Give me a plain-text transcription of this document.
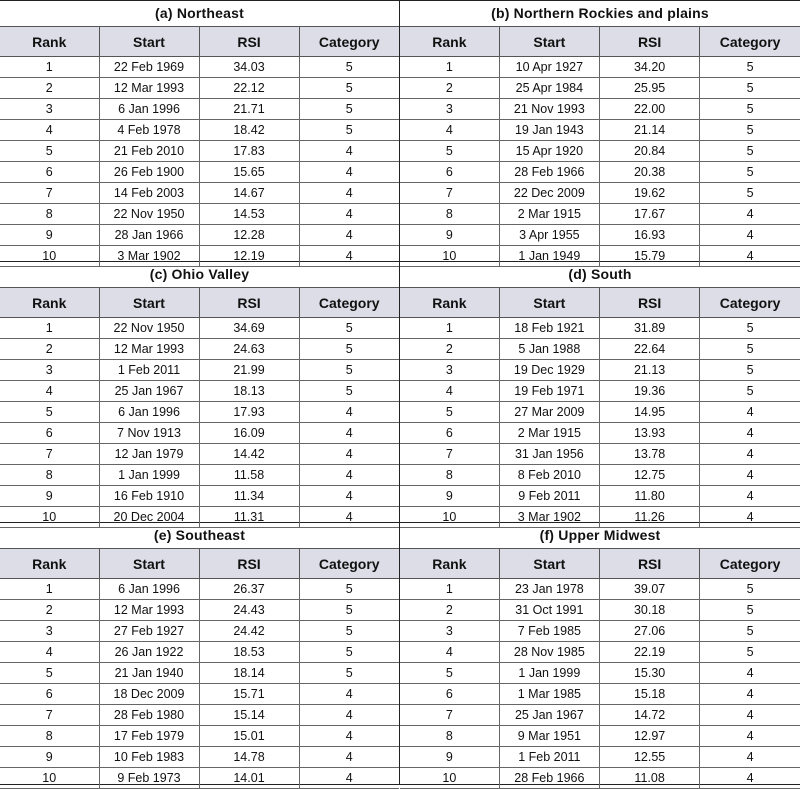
(a) Northeast
Rank	Start	RSI	Category
1	22 Feb 1969	34.03	5
2	12 Mar 1993	22.12	5
3	6 Jan 1996	21.71	5
4	4 Feb 1978	18.42	5
5	21 Feb 2010	17.83	4
6	26 Feb 1900	15.65	4
7	14 Feb 2003	14.67	4
8	22 Nov 1950	14.53	4
9	28 Jan 1966	12.28	4
10	3 Mar 1902	12.19	4
(b) Northern Rockies and plains
Rank	Start	RSI	Category
1	10 Apr 1927	34.20	5
2	25 Apr 1984	25.95	5
3	21 Nov 1993	22.00	5
4	19 Jan 1943	21.14	5
5	15 Apr 1920	20.84	5
6	28 Feb 1966	20.38	5
7	22 Dec 2009	19.62	5
8	2 Mar 1915	17.67	4
9	3 Apr 1955	16.93	4
10	1 Jan 1949	15.79	4
(c) Ohio Valley
Rank	Start	RSI	Category
1	22 Nov 1950	34.69	5
2	12 Mar 1993	24.63	5
3	1 Feb 2011	21.99	5
4	25 Jan 1967	18.13	5
5	6 Jan 1996	17.93	4
6	7 Nov 1913	16.09	4
7	12 Jan 1979	14.42	4
8	1 Jan 1999	11.58	4
9	16 Feb 1910	11.34	4
10	20 Dec 2004	11.31	4
(d) South
Rank	Start	RSI	Category
1	18 Feb 1921	31.89	5
2	5 Jan 1988	22.64	5
3	19 Dec 1929	21.13	5
4	19 Feb 1971	19.36	5
5	27 Mar 2009	14.95	4
6	2 Mar 1915	13.93	4
7	31 Jan 1956	13.78	4
8	8 Feb 2010	12.75	4
9	9 Feb 2011	11.80	4
10	3 Mar 1902	11.26	4
(e) Southeast
Rank	Start	RSI	Category
1	6 Jan 1996	26.37	5
2	12 Mar 1993	24.43	5
3	27 Feb 1927	24.42	5
4	26 Jan 1922	18.53	5
5	21 Jan 1940	18.14	5
6	18 Dec 2009	15.71	4
7	28 Feb 1980	15.14	4
8	17 Feb 1979	15.01	4
9	10 Feb 1983	14.78	4
10	9 Feb 1973	14.01	4
(f) Upper Midwest
Rank	Start	RSI	Category
1	23 Jan 1978	39.07	5
2	31 Oct 1991	30.18	5
3	7 Feb 1985	27.06	5
4	28 Nov 1985	22.19	5
5	1 Jan 1999	15.30	4
6	1 Mar 1985	15.18	4
7	25 Jan 1967	14.72	4
8	9 Mar 1951	12.97	4
9	1 Feb 2011	12.55	4
10	28 Feb 1966	11.08	4
